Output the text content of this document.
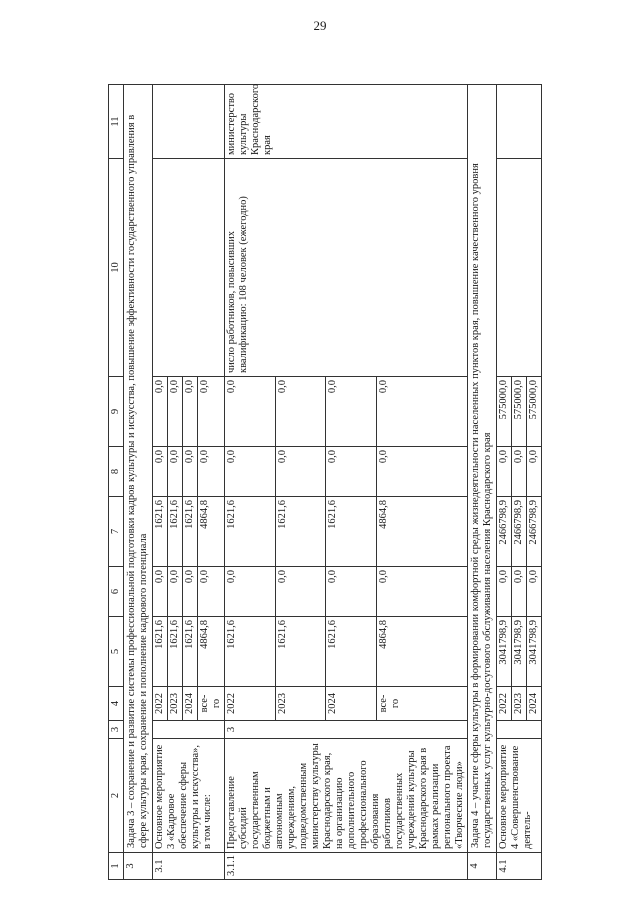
29
1	2	3	4	5	6	7	8	9	10	11
3	Задача 3 – сохранение и развитие системы профессиональной подготовки кадров культуры и искусства, повышение эффективности государственного управления в сфере культуры края, сохранение и пополнение кадрового потенциала									
3.1	Основное мероприятие 3 «Кадровое обеспечение сферы культуры и искусства», в том числе:		2022	1621,6	0,0	1621,6	0,0	0,0		
			2023	1621,6	0,0	1621,6	0,0	0,0		
			2024	1621,6	0,0	1621,6	0,0	0,0		
			все-го	4864,8	0,0	4864,8	0,0	0,0		
3.1.1	Предоставление субсидий государственным бюджетным и автономным учреждениям, подведомственным министерству культуры Краснодарского края, на организацию дополнительного профессионального образования работников государственных учреждений культуры Краснодарского края в рамках реализации регионального проекта «Творческие люди»	3	2022	1621,6	0,0	1621,6	0,0	0,0	число работников, повысивших квалификацию: 108 человек (ежегодно)	министерство культуры Краснодарского края
			2023	1621,6	0,0	1621,6	0,0	0,0		
			2024	1621,6	0,0	1621,6	0,0	0,0		
			все-го	4864,8	0,0	4864,8	0,0	0,0		
4	Задача 4 – участие сферы культуры в формировании комфортной среды жизнедеятельности населенных пунктов края, повышение качественного уровня государственных услуг культурно-досугового обслуживания населения Краснодарского края									
4.1	Основное мероприятие 4 «Совершенствование деятель-		2022	3041798,9	0,0	2466798,9	0,0	575000,0		
			2023	3041798,9	0,0	2466798,9	0,0	575000,0		
			2024	3041798,9	0,0	2466798,9	0,0	575000,0		
